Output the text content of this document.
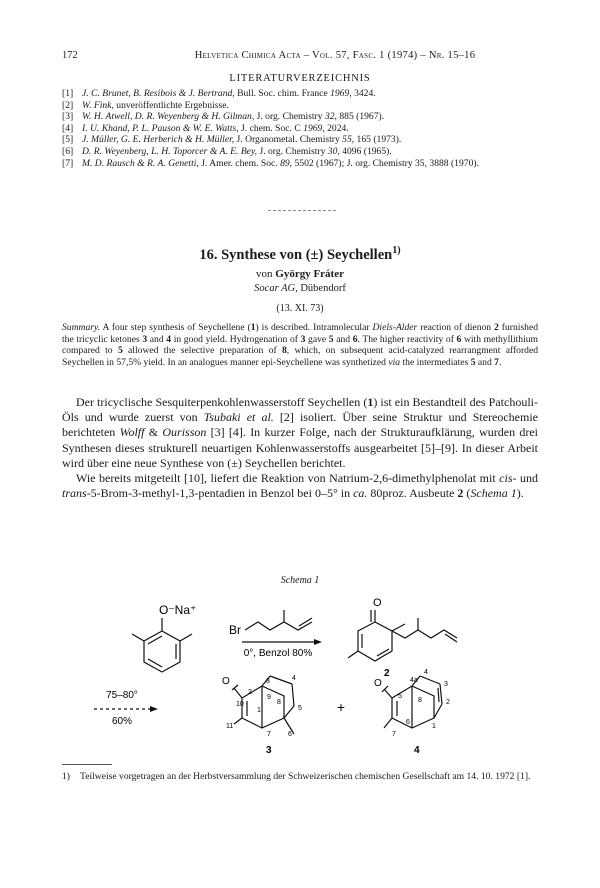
172	Helvetica Chimica Acta – Vol. 57, Fasc. 1 (1974) – Nr. 15–16
LITERATURVERZEICHNIS
[1] J. C. Brunet, B. Resibois & J. Bertrand, Bull. Soc. chim. France 1969, 3424.
[2] W. Fink, unveröffentlichte Ergebnisse.
[3] W. H. Atwell, D. R. Weyenberg & H. Gilman, J. org. Chemistry 32, 885 (1967).
[4] I. U. Khand, P. L. Pauson & W. E. Watts, J. chem. Soc. C 1969, 2024.
[5] J. Müller, G. E. Herberich & H. Müller, J. Organometal. Chemistry 55, 165 (1973).
[6] D. R. Weyenberg, L. H. Toporcer & A. E. Bey, J. org. Chemistry 30, 4096 (1965).
[7] M. D. Rausch & R. A. Genetti, J. Amer. chem. Soc. 89, 5502 (1967); J. org. Chemistry 35, 3888 (1970).
16. Synthese von (±) Seychellen$^{1)}$
von György Fráter
Socar AG, Dübendorf
(13. XI. 73)
Summary. A four step synthesis of Seychellene (1) is described. Intramolecular Diels-Alder reaction of dienon 2 furnished the tricyclic ketones 3 and 4 in good yield. Hydrogenation of 3 gave 5 and 6. The higher reactivity of 6 with methyllithium compared to 5 allowed the selective preparation of 8, which, on subsequent acid-catalyzed rearrangment afforded Seychellen in 57,5% yield. In an analogues manner epi-Seychellene was synthetized via the intermediates 5 and 7.

Der tricyclische Sesquiterpenkohlenwasserstoff Seychellen (1) ist ein Bestandteil des Patchouli-Öls und wurde zuerst von Tsubaki et al. [2] isoliert. Über seine Struktur und Stereochemie berichteten Wolff & Ourisson [3] [4]. In kurzer Folge, nach der Strukturaufklärung, wurden drei Synthesen dieses strukturell neuartigen Kohlenwasserstoffs ausgearbeitet [5]–[9]. In dieser Arbeit wird über eine neue Synthese von (±) Seychellen berichtet.

Wie bereits mitgeteilt [10], liefert die Reaktion von Natrium-2,6-dimethylphenolat mit cis- und trans-5-Brom-3-methyl-1,3-pentadien in Benzol bei 0–5° in ca. 80proz. Ausbeute 2 (Schema 1).

Schema 1
O⁻Na⁺
Br
0°, Benzol 80%
O
2
75–80°
60%
O
3
+
O
4
2
3	4
9
10
1	5
8
11
7 6
4a
4
3
5
2
8
7
6
1
1)	Teilweise vorgetragen an der Herbstversammlung der Schweizerischen chemischen Gesellschaft am 14. 10. 1972 [1].
